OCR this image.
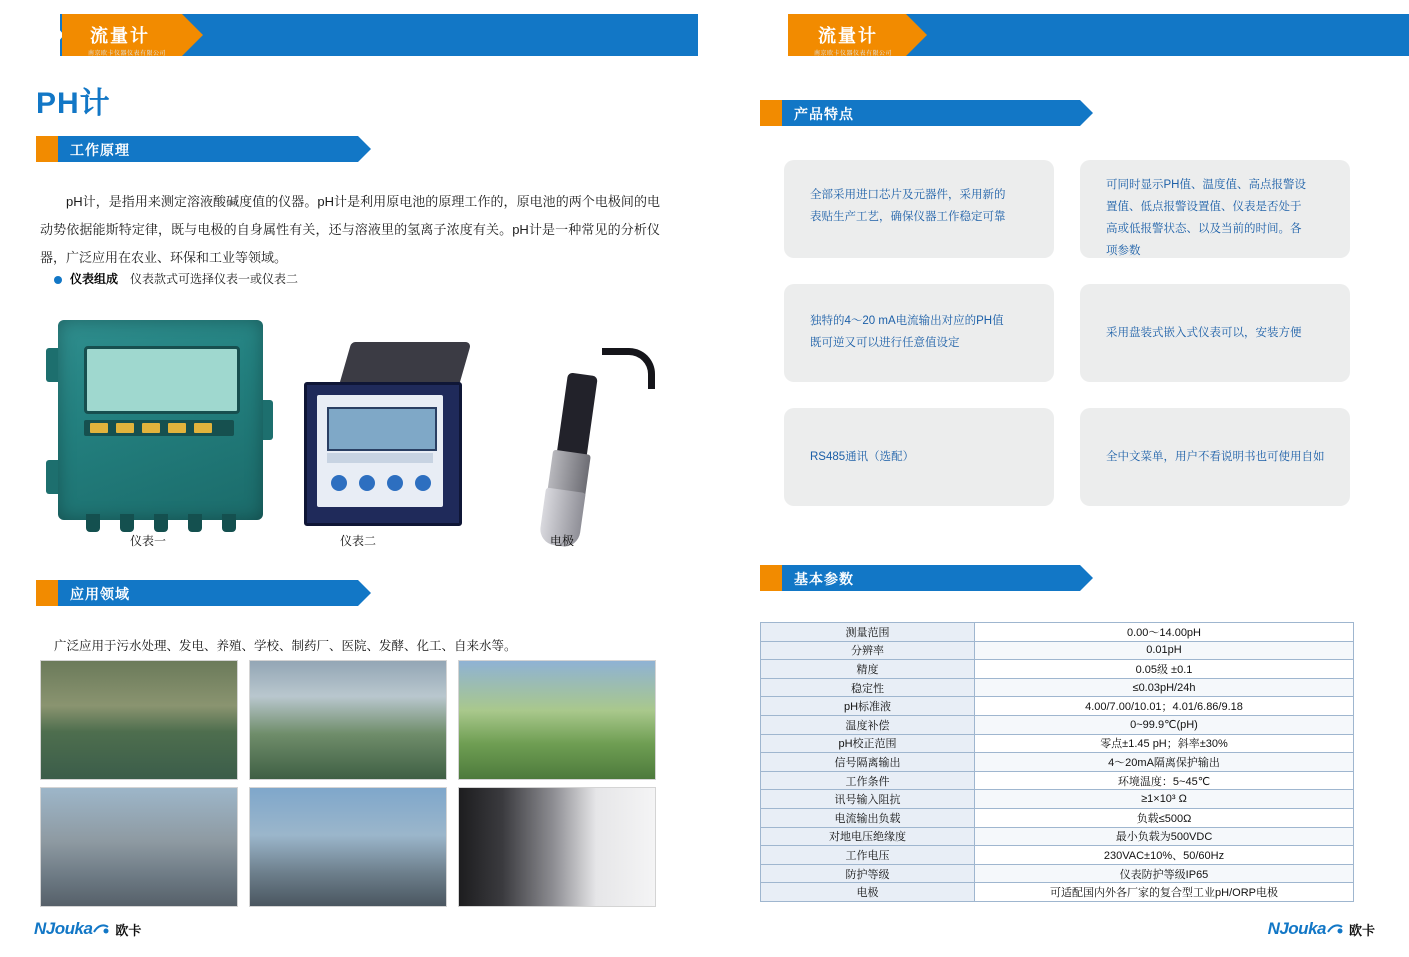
流量计
南京欧卡仪器仪表有限公司
流量计
南京欧卡仪器仪表有限公司
PH计
工作原理
pH计，是指用来测定溶液酸碱度值的仪器。pH计是利用原电池的原理工作的，原电池的两个电极间的电动势依据能斯特定律，既与电极的自身属性有关，还与溶液里的氢离子浓度有关。pH计是一种常见的分析仪器，广泛应用在农业、环保和工业等领域。
仪表组成 仪表款式可选择仪表一或仪表二
仪表一	仪表二	电极
应用领域
广泛应用于污水处理、发电、养殖、学校、制药厂、医院、发酵、化工、自来水等。
产品特点
全部采用进口芯片及元器件，采用新的表贴生产工艺，确保仪器工作稳定可靠
可同时显示PH值、温度值、高点报警设置值、低点报警设置值、仪表是否处于高或低报警状态、以及当前的时间。各项参数
独特的4～20 mA电流输出对应的PH值既可逆又可以进行任意值设定
采用盘装式嵌入式仪表可以，安装方便
RS485通讯（选配）	全中文菜单，用户不看说明书也可使用自如
基本参数
测量范围	0.00～14.00pH
分辨率	0.01pH
精度	0.05级 ±0.1
稳定性	≤0.03pH/24h
pH标准液	4.00/7.00/10.01；4.01/6.86/9.18
温度补偿	0~99.9℃(pH)
pH校正范围	零点±1.45 pH；斜率±30%
信号隔离输出	4～20mA隔离保护输出
工作条件	环境温度：5~45℃
讯号输入阻抗	≥1×10³ Ω
电流输出负载	负载≤500Ω
对地电压绝缘度	最小负载为500VDC
工作电压	230VAC±10%、50/60Hz
防护等级	仪表防护等级IP65
电极	可适配国内外各厂家的复合型工业pH/ORP电极
NJouka 欧卡	NJouka 欧卡
